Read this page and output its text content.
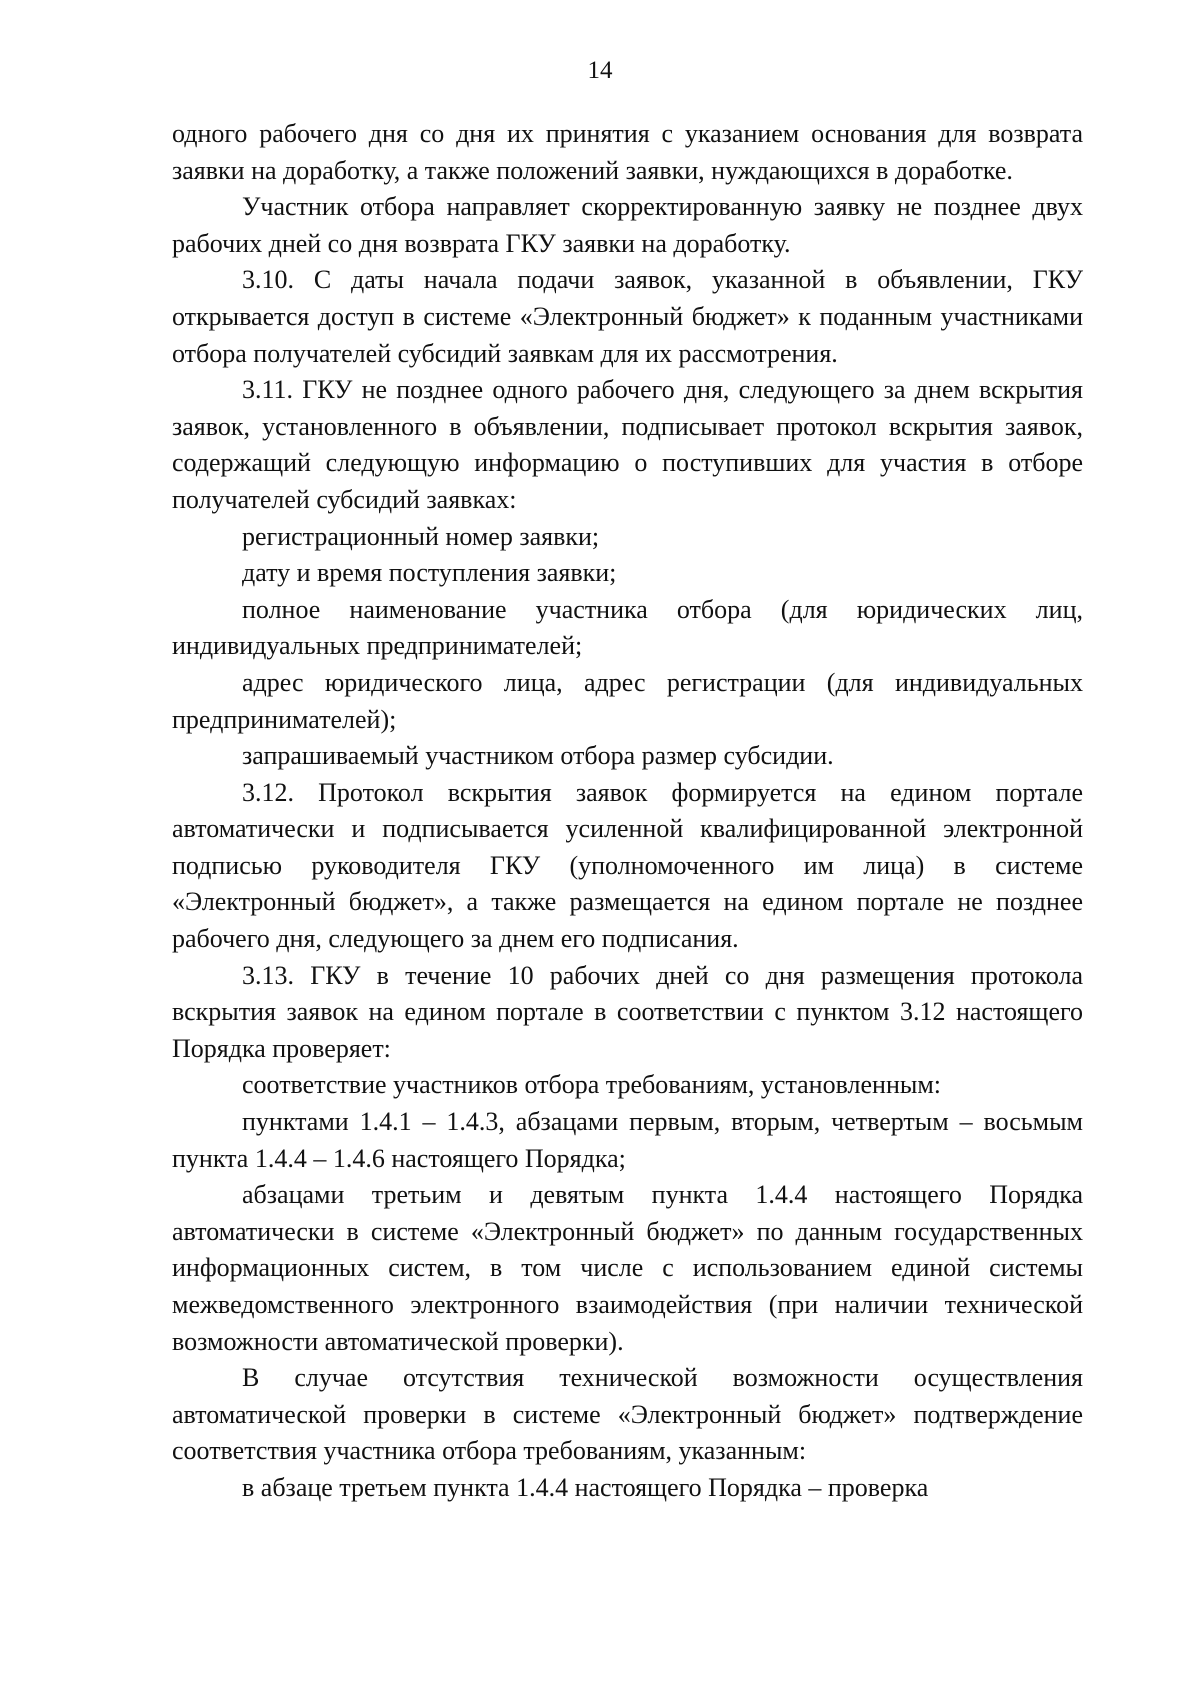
14

одного рабочего дня со дня их принятия с указанием основания для возврата заявки на доработку, а также положений заявки, нуждающихся в доработке.

Участник отбора направляет скорректированную заявку не позднее двух рабочих дней со дня возврата ГКУ заявки на доработку.

3.10. С даты начала подачи заявок, указанной в объявлении, ГКУ открывается доступ в системе «Электронный бюджет» к поданным участниками отбора получателей субсидий заявкам для их рассмотрения.

3.11. ГКУ не позднее одного рабочего дня, следующего за днем вскрытия заявок, установленного в объявлении, подписывает протокол вскрытия заявок, содержащий следующую информацию о поступивших для участия в отборе получателей субсидий заявках:

регистрационный номер заявки;

дату и время поступления заявки;

полное наименование участника отбора (для юридических лиц, индивидуальных предпринимателей;

адрес юридического лица, адрес регистрации (для индивидуальных предпринимателей);

запрашиваемый участником отбора размер субсидии.

3.12. Протокол вскрытия заявок формируется на едином портале автоматически и подписывается усиленной квалифицированной электронной подписью руководителя ГКУ (уполномоченного им лица) в системе «Электронный бюджет», а также размещается на едином портале не позднее рабочего дня, следующего за днем его подписания.

3.13. ГКУ в течение 10 рабочих дней со дня размещения протокола вскрытия заявок на едином портале в соответствии с пунктом 3.12 настоящего Порядка проверяет:

соответствие участников отбора требованиям, установленным:

пунктами 1.4.1 – 1.4.3, абзацами первым, вторым, четвертым – восьмым пункта 1.4.4 – 1.4.6 настоящего Порядка;

абзацами третьим и девятым пункта 1.4.4 настоящего Порядка автоматически в системе «Электронный бюджет» по данным государственных информационных систем, в том числе с использованием единой системы межведомственного электронного взаимодействия (при наличии технической возможности автоматической проверки).

В случае отсутствия технической возможности осуществления автоматической проверки в системе «Электронный бюджет» подтверждение соответствия участника отбора требованиям, указанным:

в абзаце третьем пункта 1.4.4 настоящего Порядка – проверка
